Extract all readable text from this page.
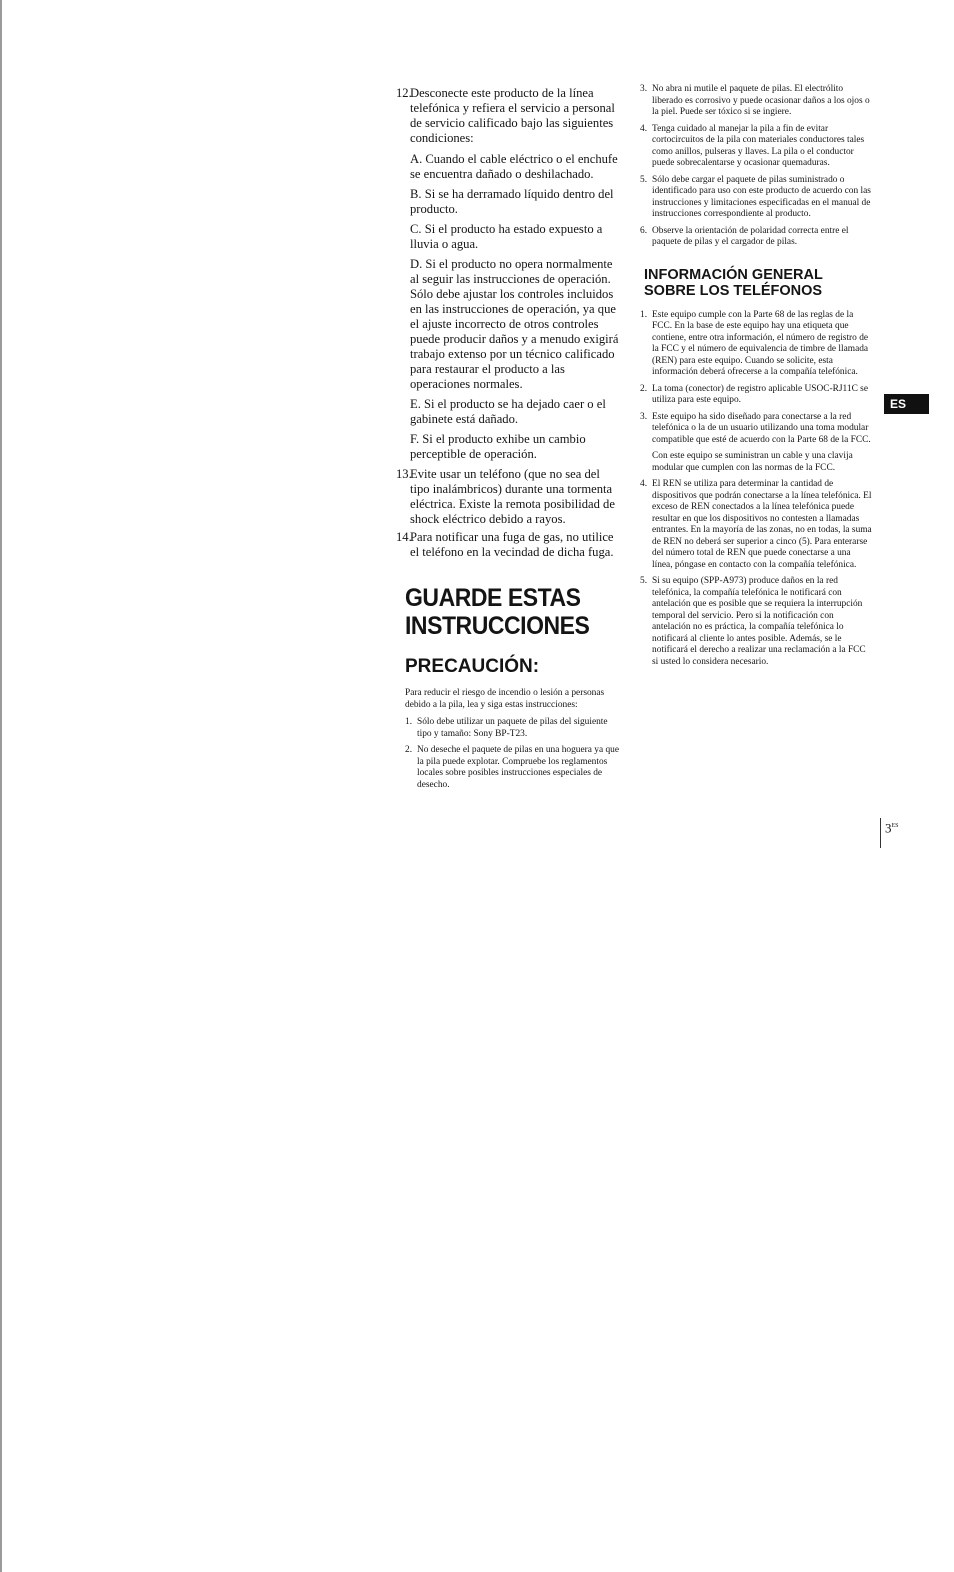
12.
Desconecte este producto de la línea telefónica y refiera el servicio a personal de servicio calificado bajo las siguientes condiciones:

A. Cuando el cable eléctrico o el enchufe se encuentra dañado o deshilachado.

B. Si se ha derramado líquido dentro del producto.

C. Si el producto ha estado expuesto a lluvia o agua.

D. Si el producto no opera normalmente al seguir las instrucciones de operación. Sólo debe ajustar los controles incluidos en las instrucciones de operación, ya que el ajuste incorrecto de otros controles puede producir daños y a menudo exigirá trabajo extenso por un técnico calificado para restaurar el producto a las operaciones normales.

E. Si el producto se ha dejado caer o el gabinete está dañado.

F. Si el producto exhibe un cambio perceptible de operación.

13.
Evite usar un teléfono (que no sea del tipo inalámbricos) durante una tormenta eléctrica. Existe la remota posibilidad de shock eléctrico debido a rayos.
14.
Para notificar una fuga de gas, no utilice el teléfono en la vecindad de dicha fuga.
GUARDE ESTAS
INSTRUCCIONES
PRECAUCIÓN:

Para reducir el riesgo de incendio o lesión a personas debido a la pila, lea y siga estas instrucciones:

1. Sólo debe utilizar un paquete de pilas del siguiente tipo y tamaño: Sony BP-T23.
2. No deseche el paquete de pilas en una hoguera ya que la pila puede explotar. Compruebe los reglamentos locales sobre posibles instrucciones especiales de desecho.
3. No abra ni mutile el paquete de pilas. El electrólito liberado es corrosivo y puede ocasionar daños a los ojos o la piel. Puede ser tóxico si se ingiere.
4. Tenga cuidado al manejar la pila a fin de evitar cortocircuitos de la pila con materiales conductores tales como anillos, pulseras y llaves. La pila o el conductor puede sobrecalentarse y ocasionar quemaduras.
5. Sólo debe cargar el paquete de pilas suministrado o identificado para uso con este producto de acuerdo con las instrucciones y limitaciones especificadas en el manual de instrucciones correspondiente al producto.
6. Observe la orientación de polaridad correcta entre el paquete de pilas y el cargador de pilas.
INFORMACIÓN GENERAL
SOBRE LOS TELÉFONOS
1. Este equipo cumple con la Parte 68 de las reglas de la FCC. En la base de este equipo hay una etiqueta que contiene, entre otra información, el número de registro de la FCC y el número de equivalencia de timbre de llamada (REN) para este equipo. Cuando se solicite, esta información deberá ofrecerse a la compañía telefónica.
2. La toma (conector) de registro aplicable USOC-RJ11C se utiliza para este equipo.
3. Este equipo ha sido diseñado para conectarse a la red telefónica o la de un usuario utilizando una toma modular compatible que esté de acuerdo con la Parte 68 de la FCC.
Con este equipo se suministran un cable y una clavija modular que cumplen con las normas de la FCC.
4. El REN se utiliza para determinar la cantidad de dispositivos que podrán conectarse a la línea telefónica. El exceso de REN conectados a la línea telefónica puede resultar en que los dispositivos no contesten a llamadas entrantes. En la mayoría de las zonas, no en todas, la suma de REN no deberá ser superior a cinco (5). Para enterarse del número total de REN que puede conectarse a una línea, póngase en contacto con la compañía telefónica.
5. Si su equipo (SPP-A973) produce daños en la red telefónica, la compañía telefónica le notificará con antelación que es posible que se requiera la interrupción temporal del servicio. Pero si la notificación con antelación no es práctica, la compañía telefónica lo notificará al cliente lo antes posible. Además, se le notificará el derecho a realizar una reclamación a la FCC si usted lo considera necesario.
ES
$3^{ES}$
